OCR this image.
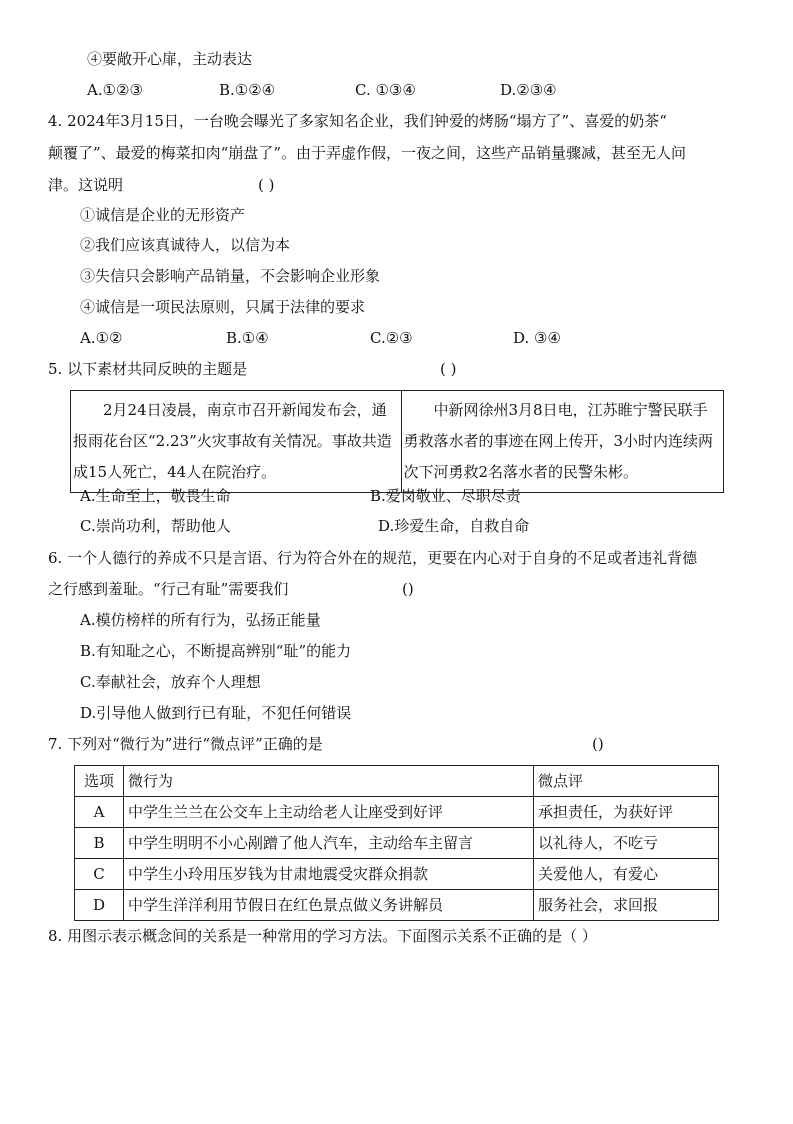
④要敞开心扉，主动表达
A.①②③	B.①②④	C. ①③④	D.②③④
4. 2024年3月15日，一台晚会曝光了多家知名企业，我们钟爱的烤肠“塌方了”、喜爱的奶茶“
颠覆了”、最爱的梅菜扣肉“崩盘了”。由于弄虚作假，一夜之间，这些产品销量骤减，甚至无人问
津。这说明	( )
①诚信是企业的无形资产
②我们应该真诚待人，以信为本
③失信只会影响产品销量，不会影响企业形象
④诚信是一项民法原则，只属于法律的要求
A.①②	B.①④	C.②③	D. ③④
5. 以下素材共同反映的主题是	( )
2月24日凌晨，南京市召开新闻发布会，通报雨花台区“2.23”火灾事故有关情况。事故共造成15人死亡，44人在院治疗。	中新网徐州3月8日电，江苏睢宁警民联手勇救落水者的事迹在网上传开，3小时内连续两次下河勇救2名落水者的民警朱彬。
A.生命至上，敬畏生命	B.爱岗敬业、尽职尽责
C.崇尚功利，帮助他人	D.珍爱生命，自救自命
6. 一个人德行的养成不只是言语、行为符合外在的规范，更要在内心对于自身的不足或者违礼背德
之行感到羞耻。“行己有耻”需要我们	()
A.模仿榜样的所有行为，弘扬正能量
B.有知耻之心，不断提高辨别“耻”的能力
C.奉献社会，放弃个人理想
D.引导他人做到行已有耻，不犯任何错误
7. 下列对“微行为”进行“微点评”正确的是	()
选项	微行为	微点评
A	中学生兰兰在公交车上主动给老人让座受到好评	承担责任，为获好评
B	中学生明明不小心剐蹭了他人汽车，主动给车主留言	以礼待人，不吃亏
C	中学生小玲用压岁钱为甘肃地震受灾群众捐款	关爱他人，有爱心
D	中学生洋洋利用节假日在红色景点做义务讲解员	服务社会，求回报
8. 用图示表示概念间的关系是一种常用的学习方法。下面图示关系不正确的是（ ）
